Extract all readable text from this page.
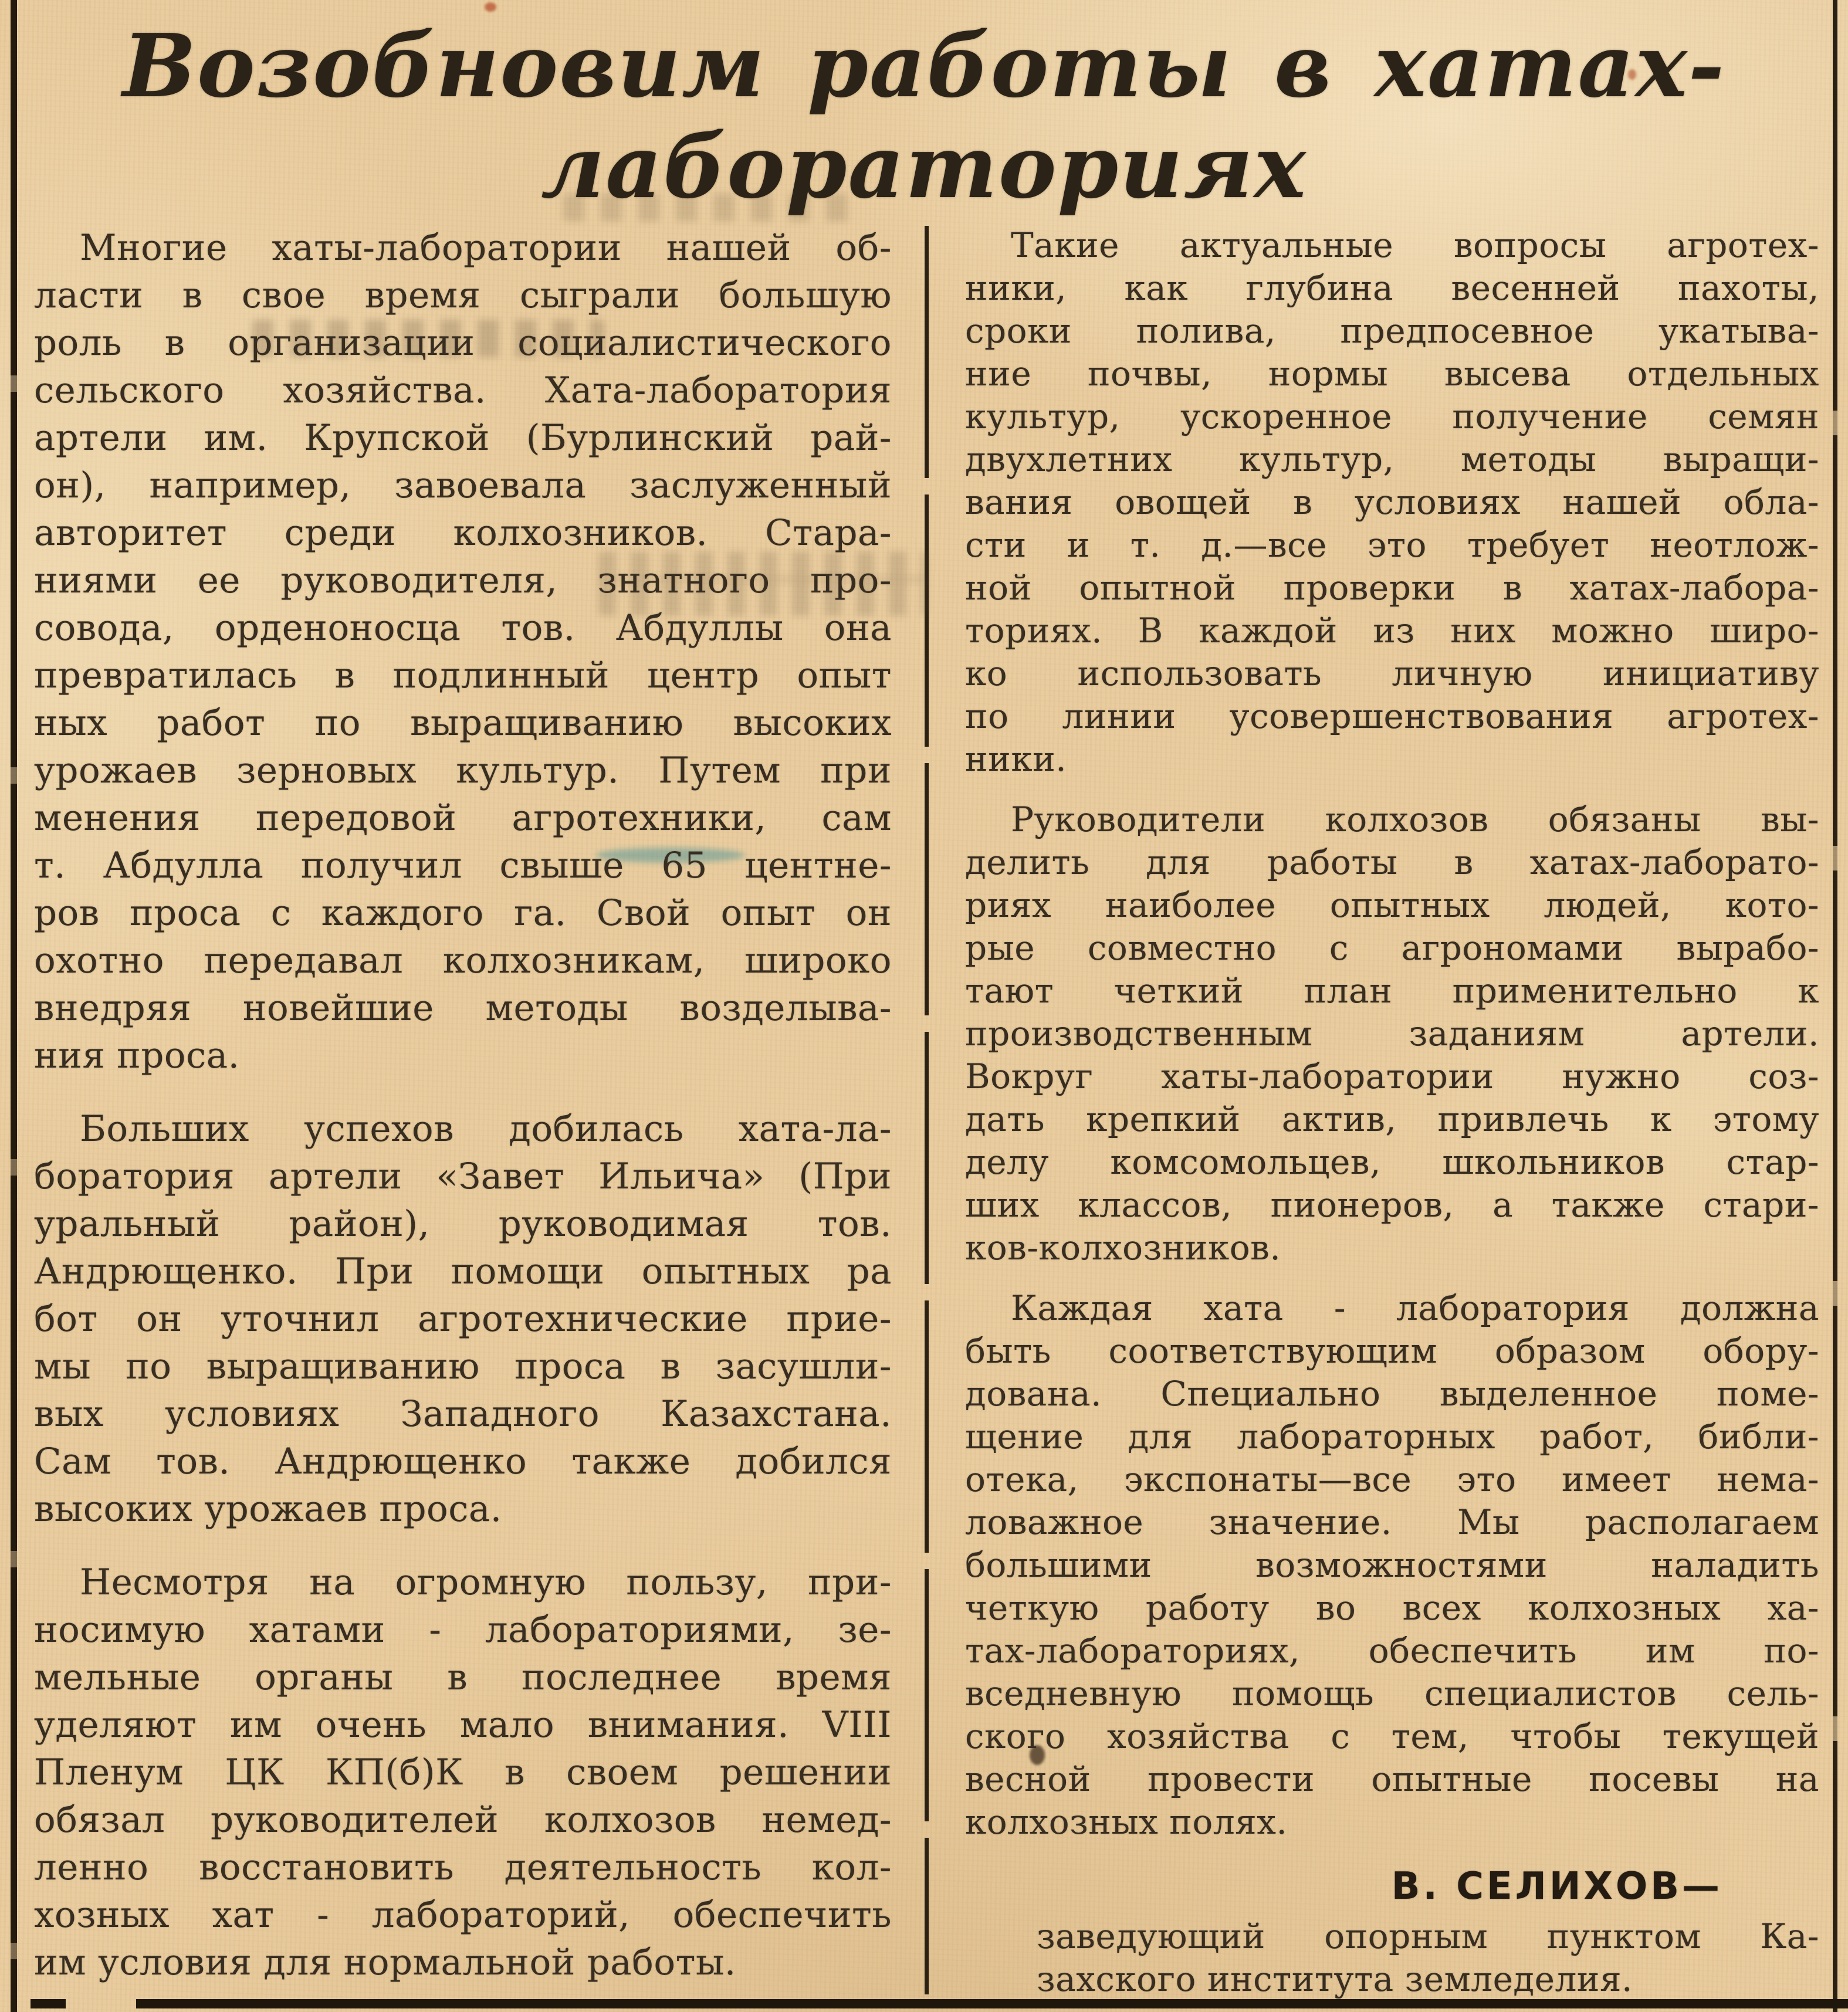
Возобновим работы в хатах-
лабораториях
Многие хаты-лаборатории нашей об-
ласти в свое время сыграли большую
роль в организации социалистического
сельского хозяйства. Хата-лаборатория
артели им. Крупской (Бурлинский рай-
он), например, завоевала заслуженный
авторитет среди колхозников. Стара-
ниями ее руководителя, знатного про-
совода, орденоносца тов. Абдуллы она
превратилась в подлинный центр опыт
ных работ по выращиванию высоких
урожаев зерновых культур. Путем при
менения передовой агротехники, сам
т. Абдулла получил свыше 65 центне-
ров проса с каждого га. Свой опыт он
охотно передавал колхозникам, широко
внедряя новейшие методы возделыва-
ния проса.
Больших успехов добилась хата-ла-
боратория артели «Завет Ильича» (При
уральный район), руководимая тов.
Андрющенко. При помощи опытных ра
бот он уточнил агротехнические прие-
мы по выращиванию проса в засушли-
вых условиях Западного Казахстана.
Сам тов. Андрющенко также добился
высоких урожаев проса.
Несмотря на огромную пользу, при-
носимую хатами - лабораториями, зе-
мельные органы в последнее время
уделяют им очень мало внимания. VIII
Пленум ЦК КП(б)К в своем решении
обязал руководителей колхозов немед-
ленно восстановить деятельность кол-
хозных хат - лабораторий, обеспечить
им условия для нормальной работы.
Такие актуальные вопросы агротех-
ники, как глубина весенней пахоты,
сроки полива, предпосевное укатыва-
ние почвы, нормы высева отдельных
культур, ускоренное получение семян
двухлетних культур, методы выращи-
вания овощей в условиях нашей обла-
сти и т. д.—все это требует неотлож-
ной опытной проверки в хатах-лабора-
ториях. В каждой из них можно широ-
ко использовать личную инициативу
по линии усовершенствования агротех-
ники.
Руководители колхозов обязаны вы-
делить для работы в хатах-лаборато-
риях наиболее опытных людей, кото-
рые совместно с агрономами вырабо-
тают четкий план применительно к
производственным заданиям артели.
Вокруг хаты-лаборатории нужно соз-
дать крепкий актив, привлечь к этому
делу комсомольцев, школьников стар-
ших классов, пионеров, а также стари-
ков-колхозников.
Каждая хата - лаборатория должна
быть соответствующим образом обору-
дована. Специально выделенное поме-
щение для лабораторных работ, библи-
отека, экспонаты—все это имеет нема-
ловажное значение. Мы располагаем
большими возможностями наладить
четкую работу во всех колхозных ха-
тах-лабораториях, обеспечить им по-
вседневную помощь специалистов сель-
ского хозяйства с тем, чтобы текущей
весной провести опытные посевы на
колхозных полях.
В. СЕЛИХОВ—
заведующий опорным пунктом Ка-
захского института земледелия.
